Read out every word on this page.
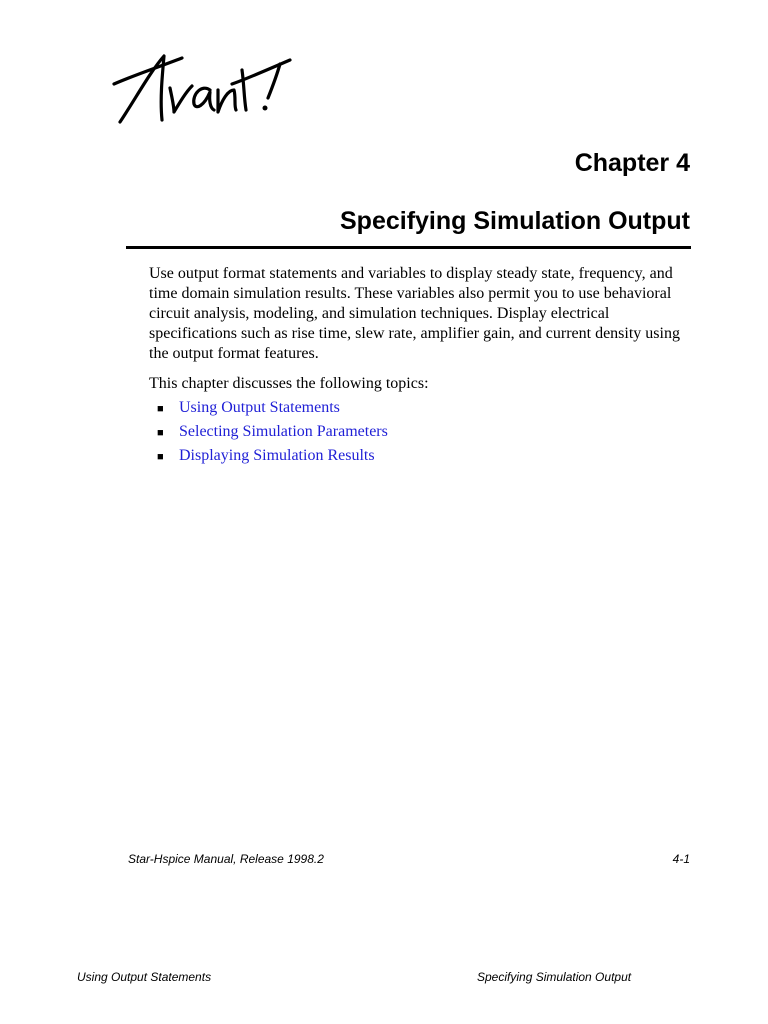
Chapter 4
Specifying Simulation Output

Use output format statements and variables to display steady state, frequency, and time domain simulation results. These variables also permit you to use behavioral circuit analysis, modeling, and simulation techniques. Display electrical specifications such as rise time, slew rate, amplifier gain, and current density using the output format features.

This chapter discusses the following topics:

■ Using Output Statements
■ Selecting Simulation Parameters
■ Displaying Simulation Results
Star-Hspice Manual, Release 1998.2	4-1
Using Output Statements	Specifying Simulation Output
